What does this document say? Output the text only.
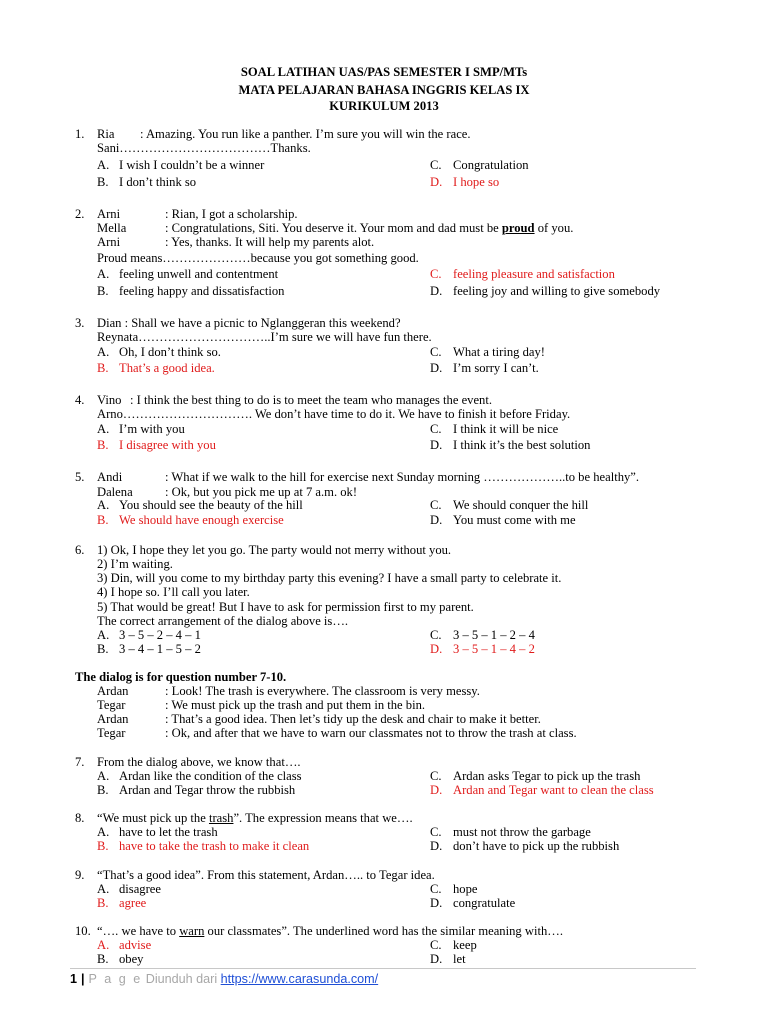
SOAL LATIHAN UAS/PAS SEMESTER I SMP/MTs
MATA PELAJARAN BAHASA INGGRIS KELAS IX
KURIKULUM 2013
1. Ria : Amazing. You run like a panther. I’m sure you will win the race.
Sani………………………………Thanks.
A. I wish I couldn’t be a winner
B. I don’t think so
C. Congratulation
D. I hope so
2. Arni	: Rian, I got a scholarship.
Mella	: Congratulations, Siti. You deserve it. Your mom and dad must be proud of you.
Arni	: Yes, thanks. It will help my parents alot.
Proud means…………………because you got something good.
A. feeling unwell and contentment
B. feeling happy and dissatisfaction
C. feeling pleasure and satisfaction
D. feeling joy and willing to give somebody
3. Dian : Shall we have a picnic to Nglanggeran this weekend?
Reynata…………………………..I’m sure we will have fun there.
A. Oh, I don’t think so.
B. That’s a good idea.
C. What a tiring day!
D. I’m sorry I can’t.
4. Vino : I think the best thing to do is to meet the team who manages the event.
Arno…………………………. We don’t have time to do it. We have to finish it before Friday.
A. I’m with you
B. I disagree with you
C. I think it will be nice
D. I think it’s the best solution
5. Andi	: What if we walk to the hill for exercise next Sunday morning ………………..to be healthy”.
Dalena	: Ok, but you pick me up at 7 a.m. ok!
A. You should see the beauty of the hill
B. We should have enough exercise
C. We should conquer the hill
D. You must come with me
6. 1) Ok, I hope they let you go. The party would not merry without you.
2) I’m waiting.
3) Din, will you come to my birthday party this evening? I have a small party to celebrate it.
4) I hope so. I’ll call you later.
5) That would be great! But I have to ask for permission first to my parent.
The correct arrangement of the dialog above is….
A. 3 – 5 – 2 – 4 – 1
B. 3 – 4 – 1 – 5 – 2
C. 3 – 5 – 1 – 2 – 4
D. 3 – 5 – 1 – 4 – 2
The dialog is for question number 7-10.
Ardan	: Look! The trash is everywhere. The classroom is very messy.
Tegar	: We must pick up the trash and put them in the bin.
Ardan	: That’s a good idea. Then let’s tidy up the desk and chair to make it better.
Tegar	: Ok, and after that we have to warn our classmates not to throw the trash at class.
7. From the dialog above, we know that….
A. Ardan like the condition of the class
B. Ardan and Tegar throw the rubbish
C. Ardan asks Tegar to pick up the trash
D. Ardan and Tegar want to clean the class
8. “We must pick up the trash”. The expression means that we….
A. have to let the trash
B. have to take the trash to make it clean
C. must not throw the garbage
D. don’t have to pick up the rubbish
9. “That’s a good idea”. From this statement, Ardan….. to Tegar idea.
A. disagree
B. agree
C. hope
D. congratulate
10. “…. we have to warn our classmates”. The underlined word has the similar meaning with….
A. advise
B. obey
C. keep
D. let
1 | P a g e Diunduh dari https://www.carasunda.com/
